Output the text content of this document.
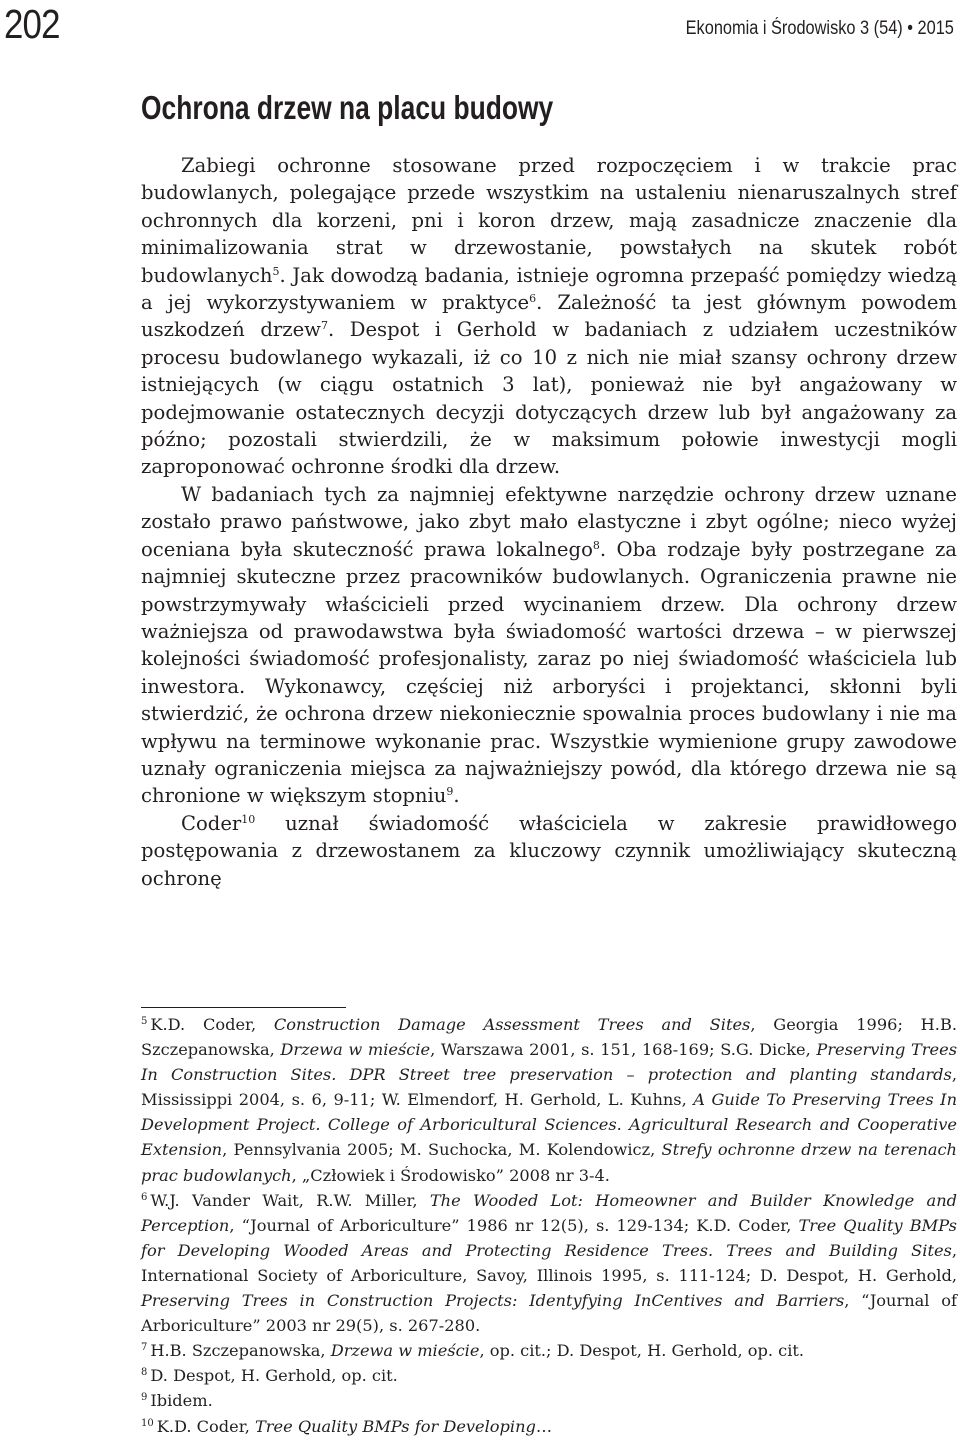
202	Ekonomia i Środowisko 3 (54) • 2015
Ochrona drzew na placu budowy

Zabiegi ochronne stosowane przed rozpoczęciem i w trakcie prac budowlanych, polegające przede wszystkim na ustaleniu nienaruszalnych stref ochronnych dla korzeni, pni i koron drzew, mają zasadnicze znaczenie dla minimalizowania strat w drzewostanie, powstałych na skutek robót budowlanych$^5$. Jak dowodzą badania, istnieje ogromna przepaść pomiędzy wiedzą a jej wykorzystywaniem w praktyce$^6$. Zależność ta jest głównym powodem uszkodzeń drzew$^7$. Despot i Gerhold w badaniach z udziałem uczestników procesu budowlanego wykazali, iż co 10 z nich nie miał szansy ochrony drzew istniejących (w ciągu ostatnich 3 lat), ponieważ nie był angażowany w podejmowanie ostatecznych decyzji dotyczących drzew lub był angażowany za późno; pozostali stwierdzili, że w maksimum połowie inwestycji mogli zaproponować ochronne środki dla drzew.

W badaniach tych za najmniej efektywne narzędzie ochrony drzew uznane zostało prawo państwowe, jako zbyt mało elastyczne i zbyt ogólne; nieco wyżej oceniana była skuteczność prawa lokalnego$^8$. Oba rodzaje były postrzegane za najmniej skuteczne przez pracowników budowlanych. Ograniczenia prawne nie powstrzymywały właścicieli przed wycinaniem drzew. Dla ochrony drzew ważniejsza od prawodawstwa była świadomość wartości drzewa – w pierwszej kolejności świadomość profesjonalisty, zaraz po niej świadomość właściciela lub inwestora. Wykonawcy, częściej niż arboryści i projektanci, skłonni byli stwierdzić, że ochrona drzew niekoniecznie spowalnia proces budowlany i nie ma wpływu na terminowe wykonanie prac. Wszystkie wymienione grupy zawodowe uznały ograniczenia miejsca za najważniejszy powód, dla którego drzewa nie są chronione w większym stopniu$^9$.

Coder$^{10}$ uznał świadomość właściciela w zakresie prawidłowego postępowania z drzewostanem za kluczowy czynnik umożliwiający skuteczną ochronę

$^5$ K.D. Coder, Construction Damage Assessment Trees and Sites, Georgia 1996; H.B. Szczepanowska, Drzewa w mieście, Warszawa 2001, s. 151, 168-169; S.G. Dicke, Preserving Trees In Construction Sites. DPR Street tree preservation – protection and planting standards, Mississippi 2004, s. 6, 9-11; W. Elmendorf, H. Gerhold, L. Kuhns, A Guide To Preserving Trees In Development Project. College of Arboricultural Sciences. Agricultural Research and Cooperative Extension, Pennsylvania 2005; M. Suchocka, M. Kolendowicz, Strefy ochronne drzew na terenach prac budowlanych, „Człowiek i Środowisko” 2008 nr 3-4.

$^6$ W.J. Vander Wait, R.W. Miller, The Wooded Lot: Homeowner and Builder Knowledge and Perception, “Journal of Arboriculture” 1986 nr 12(5), s. 129-134; K.D. Coder, Tree Quality BMPs for Developing Wooded Areas and Protecting Residence Trees. Trees and Building Sites, International Society of Arboriculture, Savoy, Illinois 1995, s. 111-124; D. Despot, H. Gerhold, Preserving Trees in Construction Projects: Identyfying InCentives and Barriers, “Journal of Arboriculture” 2003 nr 29(5), s. 267-280.

$^7$ H.B. Szczepanowska, Drzewa w mieście, op. cit.; D. Despot, H. Gerhold, op. cit.

$^8$ D. Despot, H. Gerhold, op. cit.

$^9$ Ibidem.

$^{10}$ K.D. Coder, Tree Quality BMPs for Developing…
